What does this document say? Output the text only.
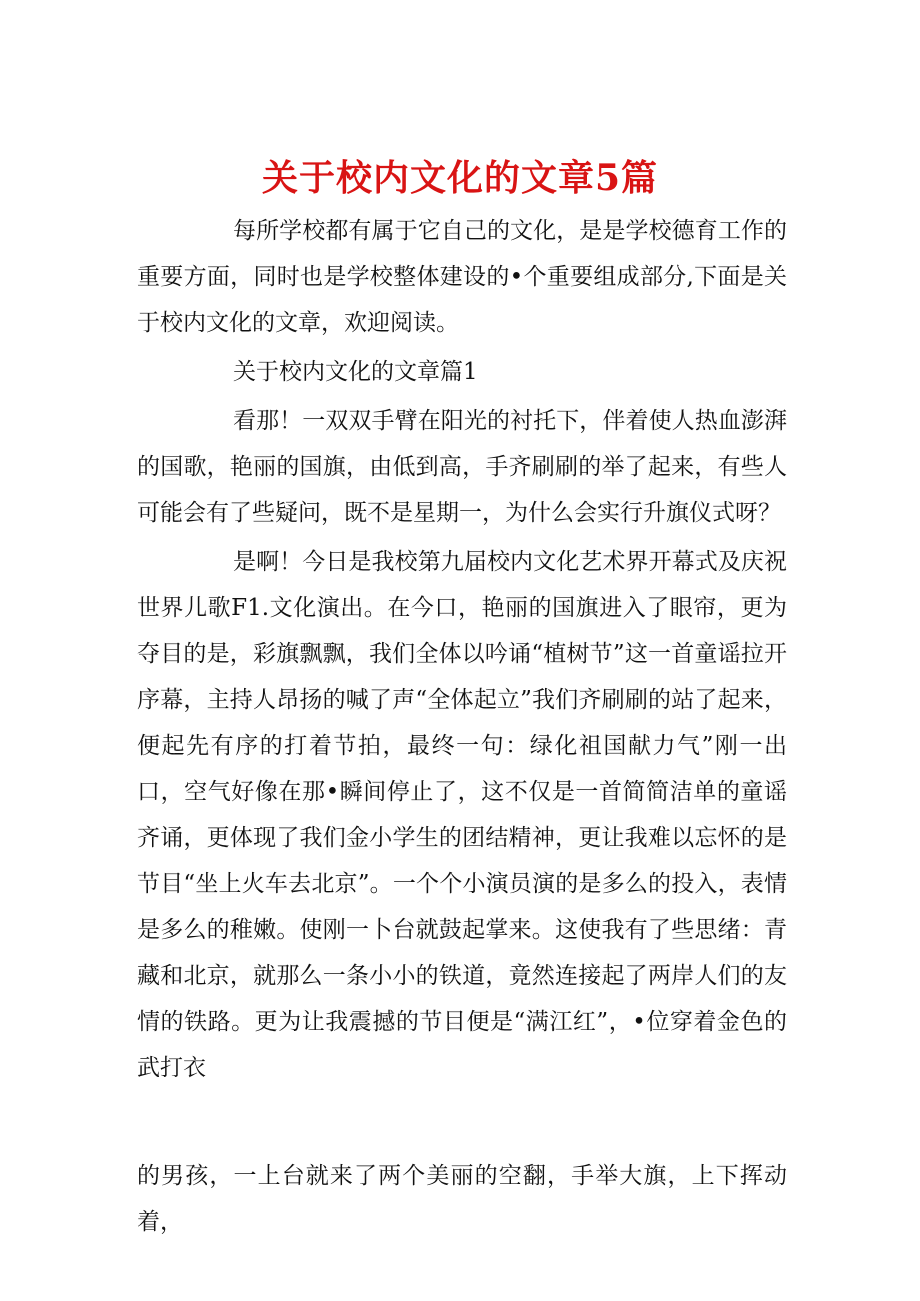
关于校内文化的文章5篇

每所学校都有属于它自己的文化，是是学校德育工作的重要方面，同时也是学校整体建设的•个重要组成部分,下面是关于校内文化的文章，欢迎阅读。

关于校内文化的文章篇1

看那！一双双手臂在阳光的衬托下，伴着使人热血澎湃的国歌，艳丽的国旗，由低到高，手齐刷刷的举了起来，有些人可能会有了些疑问，既不是星期一，为什么会实行升旗仪式呀？

是啊！今日是我校第九届校内文化艺术界开幕式及庆祝世界儿歌F1.文化演出。在今口，艳丽的国旗进入了眼帘，更为夺目的是，彩旗飘飘，我们全体以吟诵“植树节”这一首童谣拉开序幕，主持人昂扬的喊了声“全体起立”我们齐刷刷的站了起来，便起先有序的打着节拍，最终一句：绿化祖国献力气”刚一出口，空气好像在那•瞬间停止了，这不仅是一首简简洁单的童谣齐诵，更体现了我们金小学生的团结精神，更让我难以忘怀的是节目“坐上火车去北京”。一个个小演员演的是多么的投入，表情是多么的稚嫩。使刚一卜台就鼓起掌来。这使我有了些思绪：青藏和北京，就那么一条小小的铁道，竟然连接起了两岸人们的友情的铁路。更为让我震撼的节目便是“满江红”，•位穿着金色的武打衣

的男孩，一上台就来了两个美丽的空翻，手举大旗，上下挥动着，
